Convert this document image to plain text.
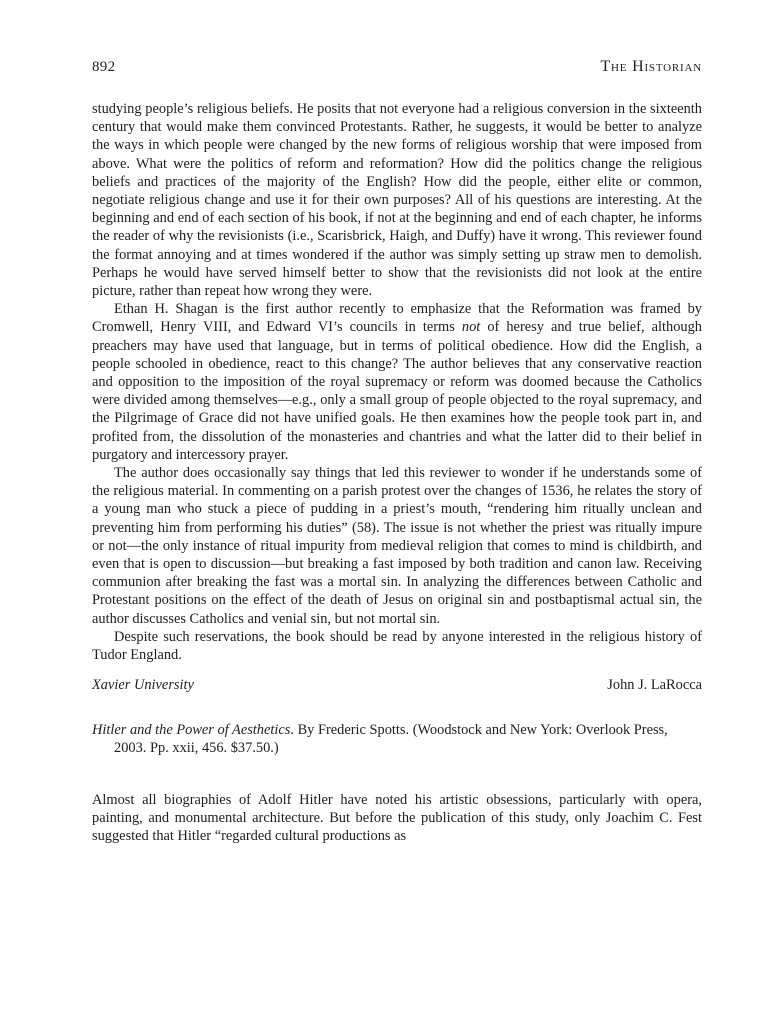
892	The Historian

studying people’s religious beliefs. He posits that not everyone had a religious conversion in the sixteenth century that would make them convinced Protestants. Rather, he suggests, it would be better to analyze the ways in which people were changed by the new forms of religious worship that were imposed from above. What were the politics of reform and reformation? How did the politics change the religious beliefs and practices of the majority of the English? How did the people, either elite or common, negotiate religious change and use it for their own purposes? All of his questions are interesting. At the beginning and end of each section of his book, if not at the beginning and end of each chapter, he informs the reader of why the revisionists (i.e., Scarisbrick, Haigh, and Duffy) have it wrong. This reviewer found the format annoying and at times wondered if the author was simply setting up straw men to demolish. Perhaps he would have served himself better to show that the revisionists did not look at the entire picture, rather than repeat how wrong they were.

Ethan H. Shagan is the first author recently to emphasize that the Reformation was framed by Cromwell, Henry VIII, and Edward VI’s councils in terms not of heresy and true belief, although preachers may have used that language, but in terms of political obedience. How did the English, a people schooled in obedience, react to this change? The author believes that any conservative reaction and opposition to the imposition of the royal supremacy or reform was doomed because the Catholics were divided among themselves—e.g., only a small group of people objected to the royal supremacy, and the Pilgrimage of Grace did not have unified goals. He then examines how the people took part in, and profited from, the dissolution of the monasteries and chantries and what the latter did to their belief in purgatory and intercessory prayer.

The author does occasionally say things that led this reviewer to wonder if he understands some of the religious material. In commenting on a parish protest over the changes of 1536, he relates the story of a young man who stuck a piece of pudding in a priest’s mouth, “rendering him ritually unclean and preventing him from performing his duties” (58). The issue is not whether the priest was ritually impure or not—the only instance of ritual impurity from medieval religion that comes to mind is childbirth, and even that is open to discussion—but breaking a fast imposed by both tradition and canon law. Receiving communion after breaking the fast was a mortal sin. In analyzing the differences between Catholic and Protestant positions on the effect of the death of Jesus on original sin and postbaptismal actual sin, the author discusses Catholics and venial sin, but not mortal sin.

Despite such reservations, the book should be read by anyone interested in the religious history of Tudor England.

Xavier University	John J. LaRocca
Hitler and the Power of Aesthetics. By Frederic Spotts. (Woodstock and New York: Overlook Press, 2003. Pp. xxii, 456. $37.50.)

Almost all biographies of Adolf Hitler have noted his artistic obsessions, particularly with opera, painting, and monumental architecture. But before the publication of this study, only Joachim C. Fest suggested that Hitler “regarded cultural productions as
